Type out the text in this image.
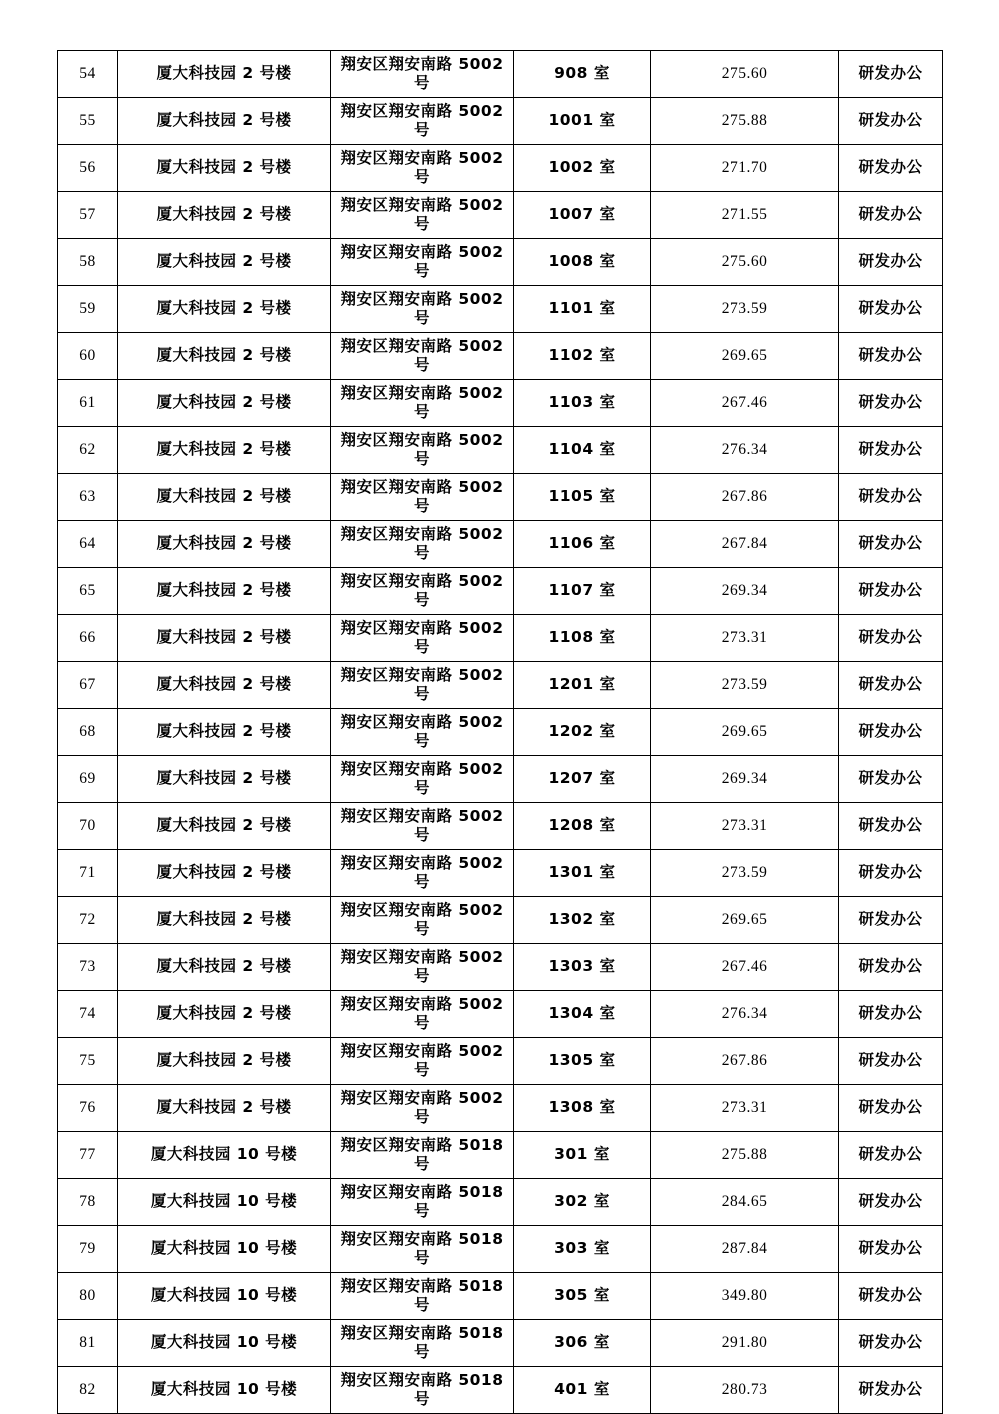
54	厦大科技园 2 号楼	翔安区翔安南路 5002 号	908 室	275.60	研发办公
55	厦大科技园 2 号楼	翔安区翔安南路 5002 号	1001 室	275.88	研发办公
56	厦大科技园 2 号楼	翔安区翔安南路 5002 号	1002 室	271.70	研发办公
57	厦大科技园 2 号楼	翔安区翔安南路 5002 号	1007 室	271.55	研发办公
58	厦大科技园 2 号楼	翔安区翔安南路 5002 号	1008 室	275.60	研发办公
59	厦大科技园 2 号楼	翔安区翔安南路 5002 号	1101 室	273.59	研发办公
60	厦大科技园 2 号楼	翔安区翔安南路 5002 号	1102 室	269.65	研发办公
61	厦大科技园 2 号楼	翔安区翔安南路 5002 号	1103 室	267.46	研发办公
62	厦大科技园 2 号楼	翔安区翔安南路 5002 号	1104 室	276.34	研发办公
63	厦大科技园 2 号楼	翔安区翔安南路 5002 号	1105 室	267.86	研发办公
64	厦大科技园 2 号楼	翔安区翔安南路 5002 号	1106 室	267.84	研发办公
65	厦大科技园 2 号楼	翔安区翔安南路 5002 号	1107 室	269.34	研发办公
66	厦大科技园 2 号楼	翔安区翔安南路 5002 号	1108 室	273.31	研发办公
67	厦大科技园 2 号楼	翔安区翔安南路 5002 号	1201 室	273.59	研发办公
68	厦大科技园 2 号楼	翔安区翔安南路 5002 号	1202 室	269.65	研发办公
69	厦大科技园 2 号楼	翔安区翔安南路 5002 号	1207 室	269.34	研发办公
70	厦大科技园 2 号楼	翔安区翔安南路 5002 号	1208 室	273.31	研发办公
71	厦大科技园 2 号楼	翔安区翔安南路 5002 号	1301 室	273.59	研发办公
72	厦大科技园 2 号楼	翔安区翔安南路 5002 号	1302 室	269.65	研发办公
73	厦大科技园 2 号楼	翔安区翔安南路 5002 号	1303 室	267.46	研发办公
74	厦大科技园 2 号楼	翔安区翔安南路 5002 号	1304 室	276.34	研发办公
75	厦大科技园 2 号楼	翔安区翔安南路 5002 号	1305 室	267.86	研发办公
76	厦大科技园 2 号楼	翔安区翔安南路 5002 号	1308 室	273.31	研发办公
77	厦大科技园 10 号楼	翔安区翔安南路 5018 号	301 室	275.88	研发办公
78	厦大科技园 10 号楼	翔安区翔安南路 5018 号	302 室	284.65	研发办公
79	厦大科技园 10 号楼	翔安区翔安南路 5018 号	303 室	287.84	研发办公
80	厦大科技园 10 号楼	翔安区翔安南路 5018 号	305 室	349.80	研发办公
81	厦大科技园 10 号楼	翔安区翔安南路 5018 号	306 室	291.80	研发办公
82	厦大科技园 10 号楼	翔安区翔安南路 5018 号	401 室	280.73	研发办公
